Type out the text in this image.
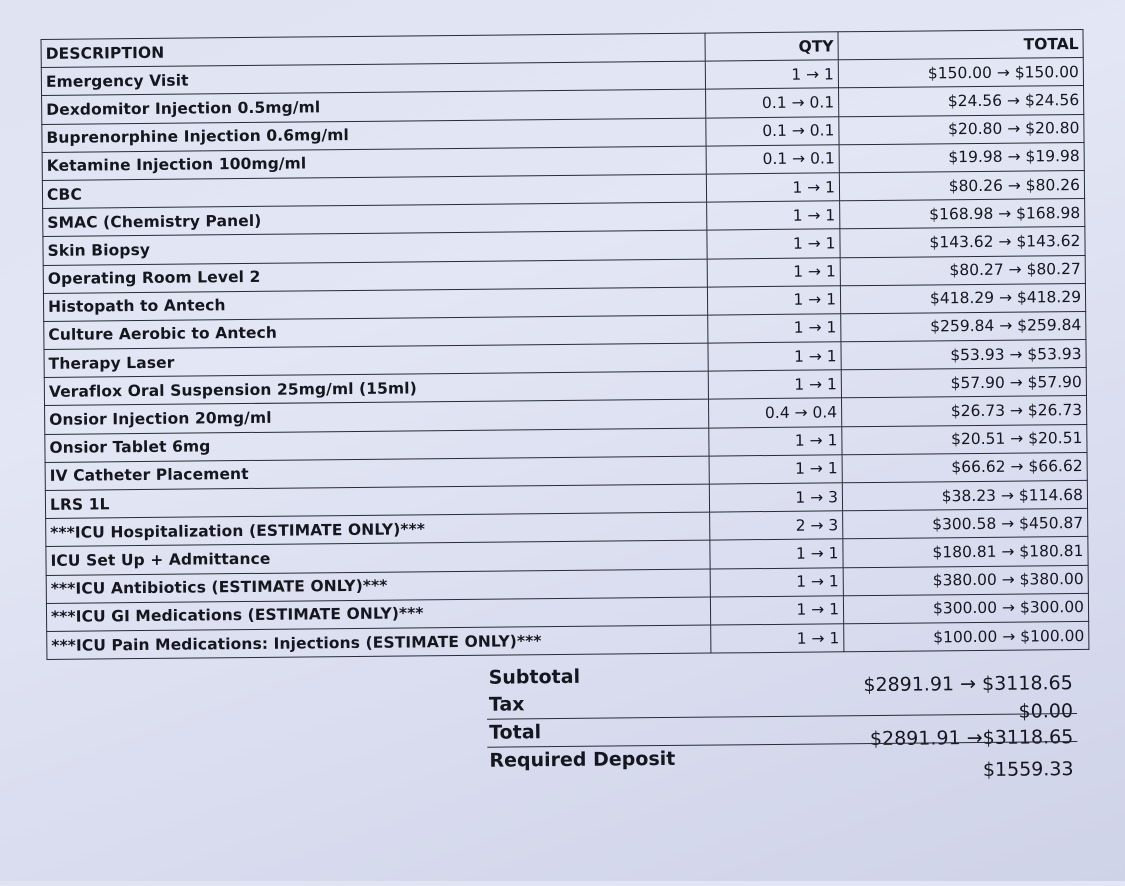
DESCRIPTION	QTY	TOTAL
Emergency Visit	1 → 1	$150.00 → $150.00
Dexdomitor Injection 0.5mg/ml	0.1 → 0.1	$24.56 → $24.56
Buprenorphine Injection 0.6mg/ml	0.1 → 0.1	$20.80 → $20.80
Ketamine Injection 100mg/ml	0.1 → 0.1	$19.98 → $19.98
CBC	1 → 1	$80.26 → $80.26
SMAC (Chemistry Panel)	1 → 1	$168.98 → $168.98
Skin Biopsy	1 → 1	$143.62 → $143.62
Operating Room Level 2	1 → 1	$80.27 → $80.27
Histopath to Antech	1 → 1	$418.29 → $418.29
Culture Aerobic to Antech	1 → 1	$259.84 → $259.84
Therapy Laser	1 → 1	$53.93 → $53.93
Veraflox Oral Suspension 25mg/ml (15ml)	1 → 1	$57.90 → $57.90
Onsior Injection 20mg/ml	0.4 → 0.4	$26.73 → $26.73
Onsior Tablet 6mg	1 → 1	$20.51 → $20.51
IV Catheter Placement	1 → 1	$66.62 → $66.62
LRS 1L	1 → 3	$38.23 → $114.68
***ICU Hospitalization (ESTIMATE ONLY)***	2 → 3	$300.58 → $450.87
ICU Set Up + Admittance	1 → 1	$180.81 → $180.81
***ICU Antibiotics (ESTIMATE ONLY)***	1 → 1	$380.00 → $380.00
***ICU GI Medications (ESTIMATE ONLY)***	1 → 1	$300.00 → $300.00
***ICU Pain Medications: Injections (ESTIMATE ONLY)***	1 → 1	$100.00 → $100.00
Subtotal	$2891.91 → $3118.65
Tax	$0.00
Total	$2891.91 →$3118.65
Required Deposit	$1559.33
